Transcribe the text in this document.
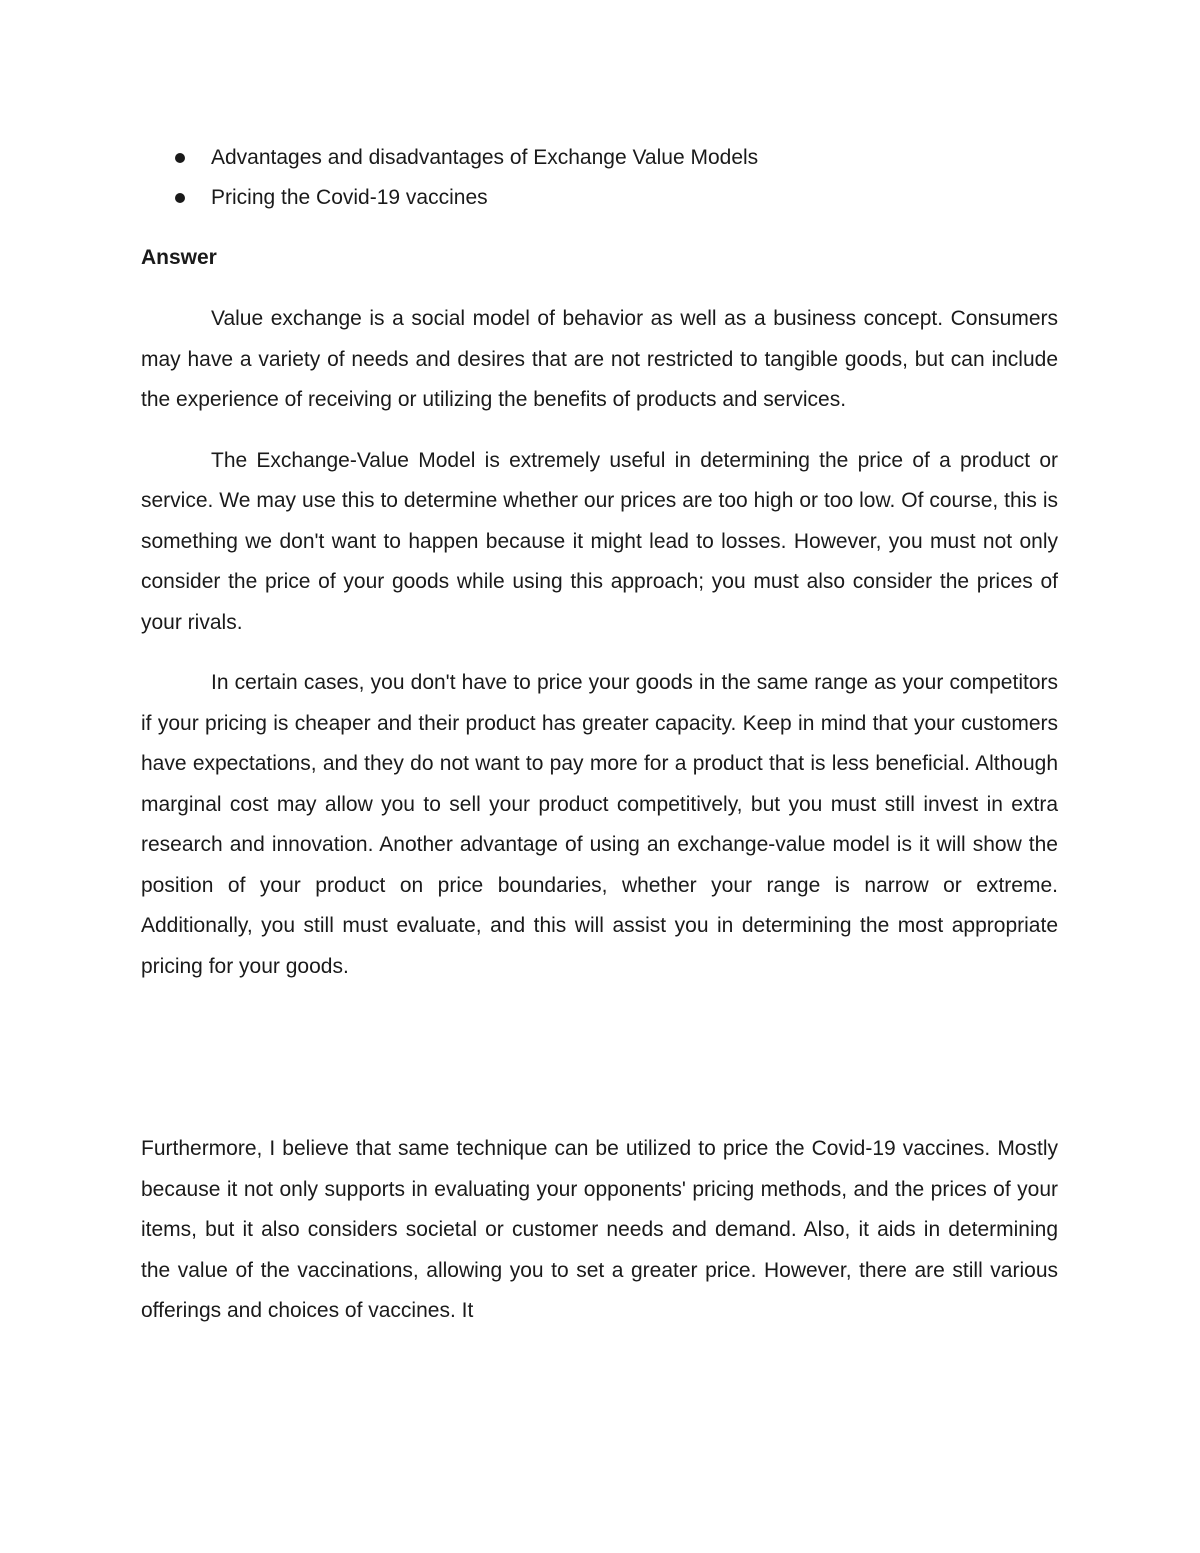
Advantages and disadvantages of Exchange Value Models
Pricing the Covid-19 vaccines
Answer

Value exchange is a social model of behavior as well as a business concept. Consumers may have a variety of needs and desires that are not restricted to tangible goods, but can include the experience of receiving or utilizing the benefits of products and services.

The Exchange-Value Model is extremely useful in determining the price of a product or service. We may use this to determine whether our prices are too high or too low. Of course, this is something we don't want to happen because it might lead to losses. However, you must not only consider the price of your goods while using this approach; you must also consider the prices of your rivals.

In certain cases, you don't have to price your goods in the same range as your competitors if your pricing is cheaper and their product has greater capacity. Keep in mind that your customers have expectations, and they do not want to pay more for a product that is less beneficial. Although marginal cost may allow you to sell your product competitively, but you must still invest in extra research and innovation. Another advantage of using an exchange-value model is it will show the position of your product on price boundaries, whether your range is narrow or extreme. Additionally, you still must evaluate, and this will assist you in determining the most appropriate pricing for your goods.

Furthermore, I believe that same technique can be utilized to price the Covid-19 vaccines. Mostly because it not only supports in evaluating your opponents' pricing methods, and the prices of your items, but it also considers societal or customer needs and demand. Also, it aids in determining the value of the vaccinations, allowing you to set a greater price. However, there are still various offerings and choices of vaccines. It
